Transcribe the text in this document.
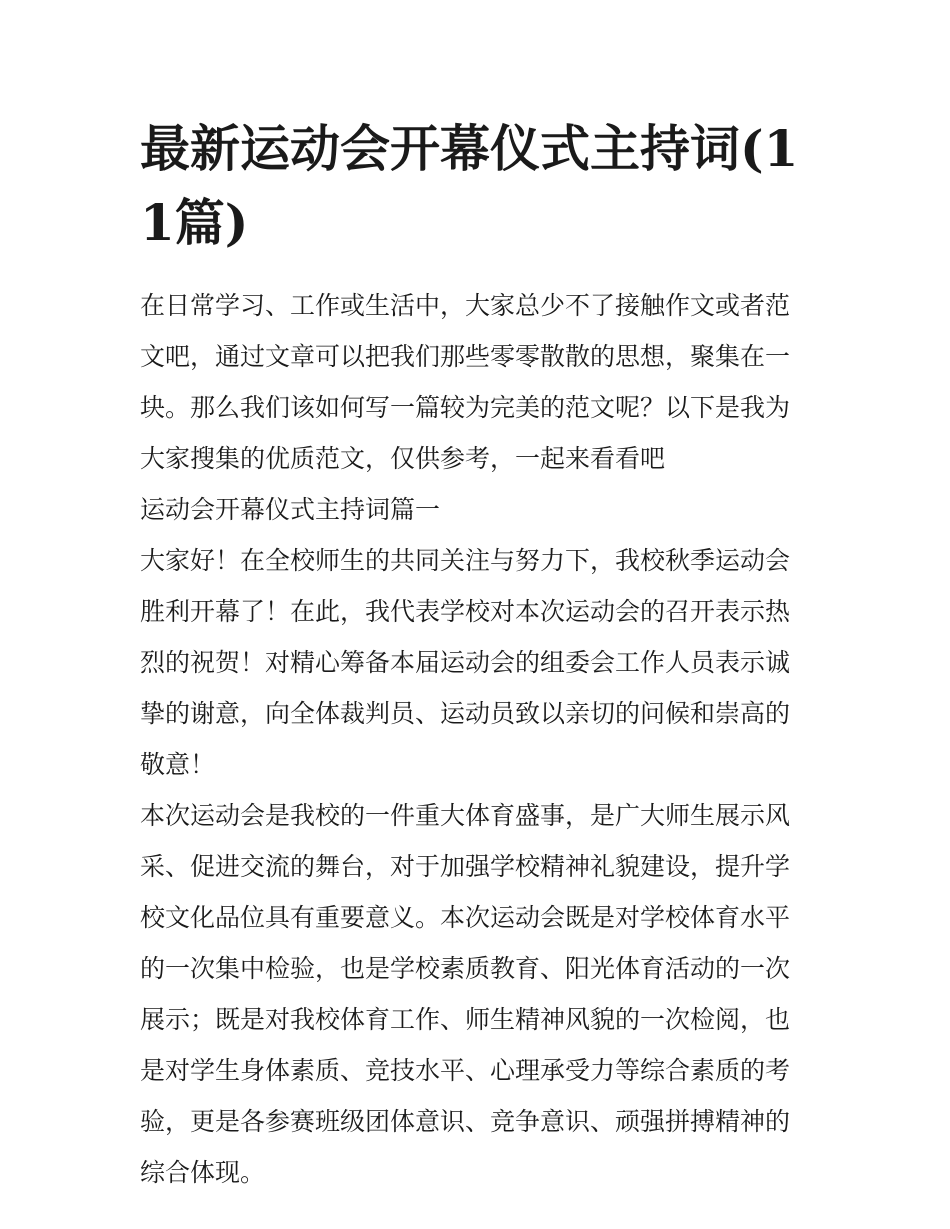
最新运动会开幕仪式主持词(11篇)

在日常学习、工作或生活中，大家总少不了接触作文或者范文吧，通过文章可以把我们那些零零散散的思想，聚集在一块。那么我们该如何写一篇较为完美的范文呢？以下是我为大家搜集的优质范文，仅供参考，一起来看看吧

运动会开幕仪式主持词篇一

大家好！在全校师生的共同关注与努力下，我校秋季运动会胜利开幕了！在此，我代表学校对本次运动会的召开表示热烈的祝贺！对精心筹备本届运动会的组委会工作人员表示诚挚的谢意，向全体裁判员、运动员致以亲切的问候和崇高的敬意！

本次运动会是我校的一件重大体育盛事，是广大师生展示风采、促进交流的舞台，对于加强学校精神礼貌建设，提升学校文化品位具有重要意义。本次运动会既是对学校体育水平的一次集中检验，也是学校素质教育、阳光体育活动的一次展示；既是对我校体育工作、师生精神风貌的一次检阅，也是对学生身体素质、竞技水平、心理承受力等综合素质的考验，更是各参赛班级团体意识、竞争意识、顽强拼搏精神的综合体现。
